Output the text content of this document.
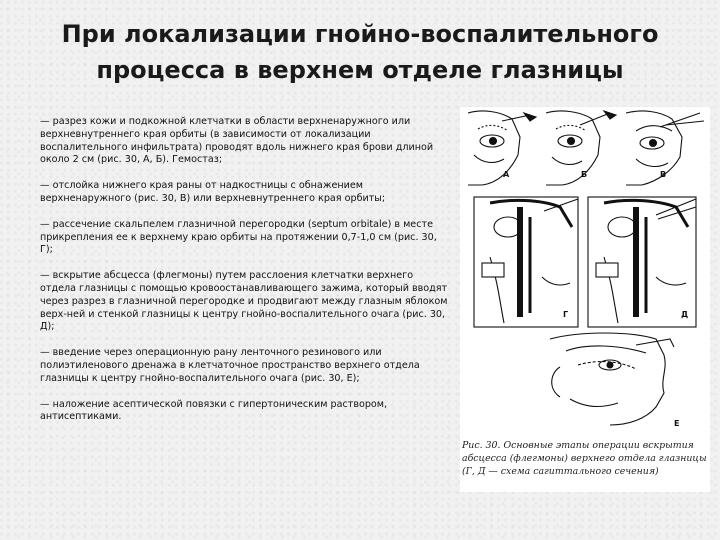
При локализации гнойно-воспалительного процесса в верхнем отделе глазницы

— разрез кожи и подкожной клетчатки в области верхненаружного или верхневнутреннего края орбиты (в зависимости от локализации воспалительного инфильтрата) проводят вдоль нижнего края брови длиной около 2 см (рис. 30, А, Б). Гемостаз;

— отслойка нижнего края раны от надкостницы с обнажением верхненаружного (рис. 30, В) или верхневнутреннего края орбиты;

— рассечение скальпелем глазничной перегородки (septum orbitale) в месте прикрепления ее к верхнему краю орбиты на протяжении 0,7-1,0 см (рис. 30, Г);

— вскрытие абсцесса (флегмоны) путем расслоения клетчатки верхнего отдела глазницы с помощью кровоостанавливающего зажима, который вводят через разрез в глазничной перегородке и продвигают между глазным яблоком верх-ней и стенкой глазницы к центру гнойно-воспалительного очага (рис. 30, Д);

— введение через операционную рану ленточного резинового или полиэтиленового дренажа в клетчаточное пространство верхнего отдела глазницы к центру гнойно-воспалительного очага (рис. 30, Е);

— наложение асептической повязки с гипертоническим раствором, антисептиками.

А	Б	В
Г	Д
Е
Рис. 30. Основные этапы операции вскрытия абсцесса (флегмоны) верхнего отдела глазницы (Г, Д — схема сагиттального сечения)
